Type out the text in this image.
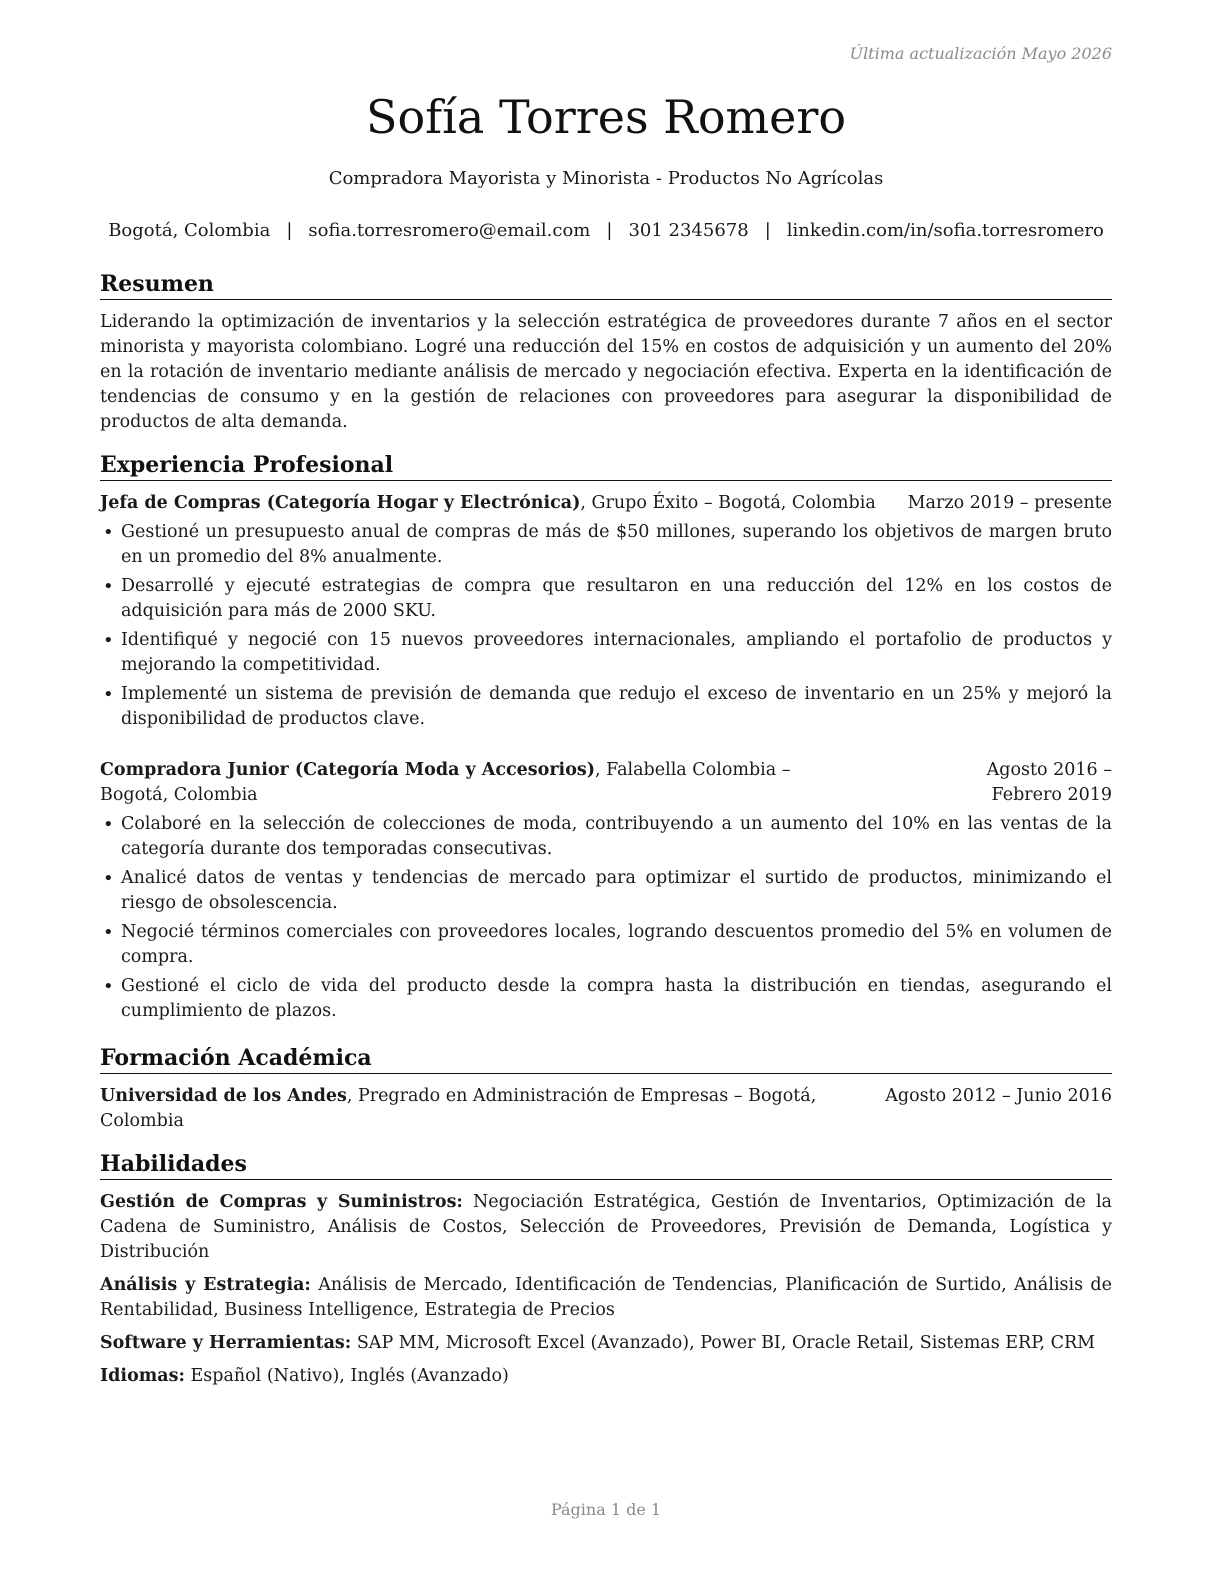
Última actualización Mayo 2026
Sofía Torres Romero
Compradora Mayorista y Minorista - Productos No Agrícolas
Bogotá, Colombia | sofia.torresromero@email.com | 301 2345678 | linkedin.com/in/sofia.torresromero
Resumen

Liderando la optimización de inventarios y la selección estratégica de proveedores durante 7 años en el sector minorista y mayorista colombiano. Logré una reducción del 15% en costos de adquisición y un aumento del 20% en la rotación de inventario mediante análisis de mercado y negociación efectiva. Experta en la identificación de tendencias de consumo y en la gestión de relaciones con proveedores para asegurar la disponibilidad de productos de alta demanda.

Experiencia Profesional
Jefa de Compras (Categoría Hogar y Electrónica), Grupo Éxito – Bogotá, Colombia Marzo 2019 – presente
• Gestioné un presupuesto anual de compras de más de $50 millones, superando los objetivos de margen bruto en un promedio del 8% anualmente.
• Desarrollé y ejecuté estrategias de compra que resultaron en una reducción del 12% en los costos de adquisición para más de 2000 SKU.
• Identifiqué y negocié con 15 nuevos proveedores internacionales, ampliando el portafolio de productos y mejorando la competitividad.
• Implementé un sistema de previsión de demanda que redujo el exceso de inventario en un 25% y mejoró la disponibilidad de productos clave.
Compradora Junior (Categoría Moda y Accesorios), Falabella Colombia – Bogotá, Colombia
Agosto 2016 – Febrero 2019
• Colaboré en la selección de colecciones de moda, contribuyendo a un aumento del 10% en las ventas de la categoría durante dos temporadas consecutivas.
• Analicé datos de ventas y tendencias de mercado para optimizar el surtido de productos, minimizando el riesgo de obsolescencia.
• Negocié términos comerciales con proveedores locales, logrando descuentos promedio del 5% en volumen de compra.
• Gestioné el ciclo de vida del producto desde la compra hasta la distribución en tiendas, asegurando el cumplimiento de plazos.
Formación Académica
Universidad de los Andes, Pregrado en Administración de Empresas – Bogotá, Colombia
Agosto 2012 – Junio 2016
Habilidades
Gestión de Compras y Suministros: Negociación Estratégica, Gestión de Inventarios, Optimización de la Cadena de Suministro, Análisis de Costos, Selección de Proveedores, Previsión de Demanda, Logística y Distribución
Análisis y Estrategia: Análisis de Mercado, Identificación de Tendencias, Planificación de Surtido, Análisis de Rentabilidad, Business Intelligence, Estrategia de Precios
Software y Herramientas: SAP MM, Microsoft Excel (Avanzado), Power BI, Oracle Retail, Sistemas ERP, CRM
Idiomas: Español (Nativo), Inglés (Avanzado)
Página 1 de 1
